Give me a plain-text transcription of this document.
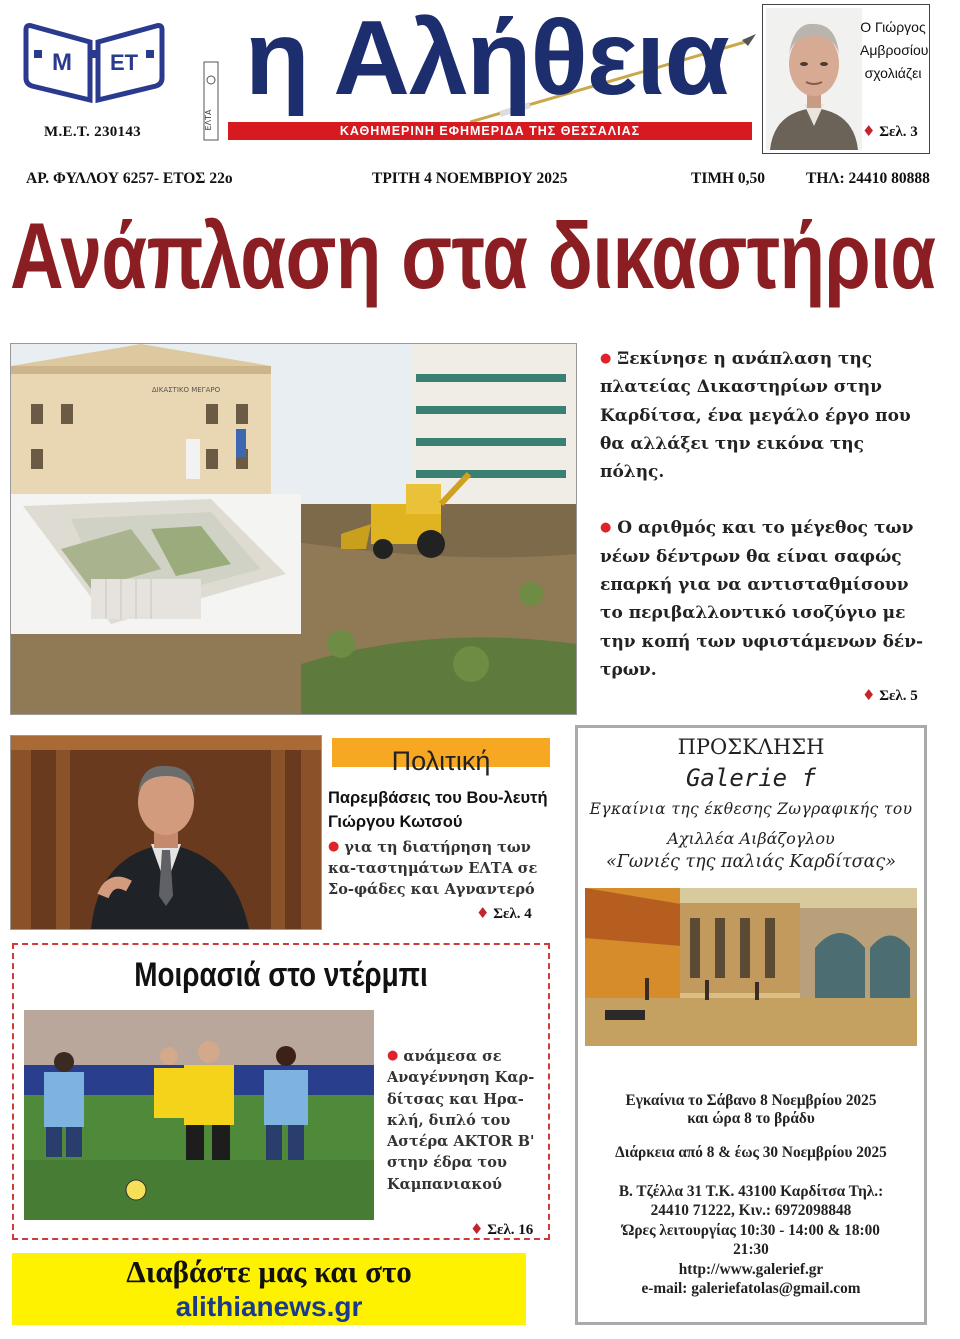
Μ ΕΤ
Μ.Ε.Τ. 230143
ΕΛΤΑ
η Αλήθεια
ΚΑΘΗΜΕΡΙΝΗ ΕΦΗΜΕΡΙΔΑ ΤΗΣ ΘΕΣΣΑΛΙΑΣ
Ο Γιώργος
Αμβροσίου
σχολιάζει
♦ Σελ. 3
ΑΡ. ΦΥΛΛΟΥ 6257- ΕΤΟΣ 22ο	ΤΡΙΤΗ 4 ΝΟΕΜΒΡΙΟΥ 2025	ΤΙΜΗ 0,50	ΤΗΛ: 24410 80888
Ανάπλαση στα δικαστήρια
ΔΙΚΑΣΤΙΚΟ ΜΕΓΑΡΟ

● Ξεκίνησε η ανάπλαση της πλατείας Δικαστηρίων στην Καρδίτσα, ένα μεγάλο έργο που θα αλλάξει την εικόνα της πόλης.

● Ο αριθμός και το μέγεθος των νέων δέντρων θα είναι σαφώς επαρκή για να αντισταθμίσουν το περιβαλλοντικό ισοζύγιο με την κοπή των υφιστάμενων δέν-τρων.

♦ Σελ. 5
Πολιτική
Παρεμβάσεις του Βου-λευτή Γιώργου Κωτσού
● για τη διατήρηση των κα-ταστημάτων ΕΛΤΑ σε Σο-φάδες και Αγναντερό
♦ Σελ. 4
Μοιρασιά στο ντέρμπι
● ανάμεσα σε Αναγέννηση Καρ-δίτσας και Ηρα-κλή, διπλό του Αστέρα AKTOR Β' στην έδρα του Καμπανιακού
♦ Σελ. 16
Διαβάστε μας και στο
alithianews.gr
ΠΡΟΣΚΛΗΣΗ
Galerie f
Εγκαίνια της έκθεσης Ζωγραφικής του
Αχιλλέα Αιβάζογλου
«Γωνιές της παλιάς Καρδίτσας»
Εγκαίνια το Σάβανο 8 Νοεμβρίου 2025
και ώρα 8 το βράδυ
Διάρκεια από 8 & έως 30 Νοεμβρίου 2025
Β. Τζέλλα 31 Τ.Κ. 43100 Καρδίτσα Τηλ.:
24410 71222, Κιν.: 6972098848
Ώρες λειτουργίας 10:30 - 14:00 & 18:00
21:30
http://www.galerief.gr
e-mail: galeriefatolas@gmail.com
